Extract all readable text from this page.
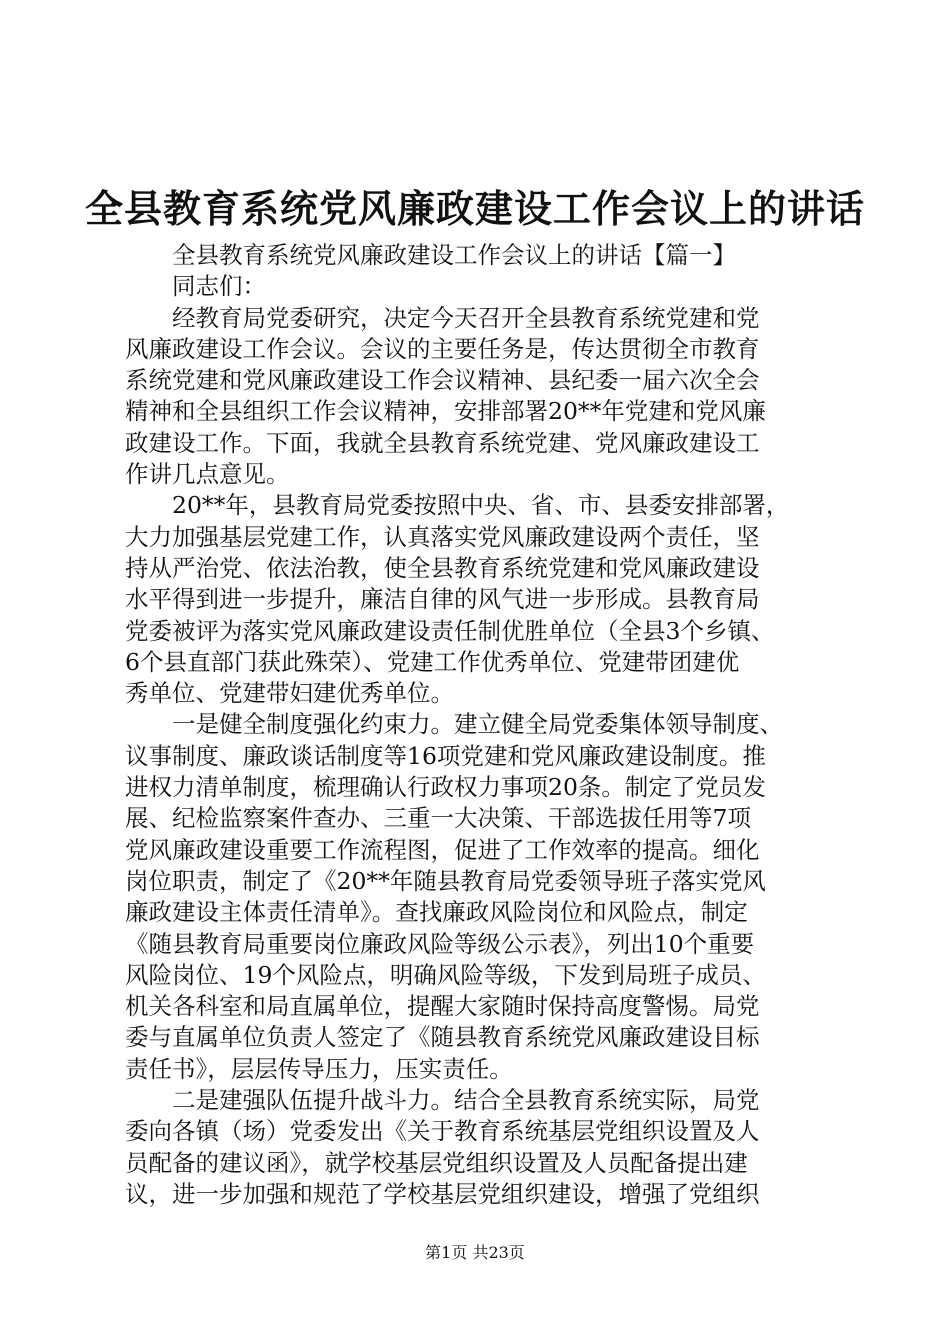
全县教育系统党风廉政建设工作会议上的讲话

全县教育系统党风廉政建设工作会议上的讲话【篇一】

同志们：

经教育局党委研究，决定今天召开全县教育系统党建和党
风廉政建设工作会议。会议的主要任务是，传达贯彻全市教育
系统党建和党风廉政建设工作会议精神、县纪委一届六次全会
精神和全县组织工作会议精神，安排部署20**年党建和党风廉
政建设工作。下面，我就全县教育系统党建、党风廉政建设工
作讲几点意见。

20**年，县教育局党委按照中央、省、市、县委安排部署，
大力加强基层党建工作，认真落实党风廉政建设两个责任，坚
持从严治党、依法治教，使全县教育系统党建和党风廉政建设
水平得到进一步提升，廉洁自律的风气进一步形成。县教育局
党委被评为落实党风廉政建设责任制优胜单位（全县3个乡镇、
6个县直部门获此殊荣）、党建工作优秀单位、党建带团建优
秀单位、党建带妇建优秀单位。

一是健全制度强化约束力。建立健全局党委集体领导制度、
议事制度、廉政谈话制度等16项党建和党风廉政建设制度。推
进权力清单制度，梳理确认行政权力事项20条。制定了党员发
展、纪检监察案件查办、三重一大决策、干部选拔任用等7项
党风廉政建设重要工作流程图，促进了工作效率的提高。细化
岗位职责，制定了《20**年随县教育局党委领导班子落实党风
廉政建设主体责任清单》。查找廉政风险岗位和风险点，制定
《随县教育局重要岗位廉政风险等级公示表》，列出10个重要
风险岗位、19个风险点，明确风险等级，下发到局班子成员、
机关各科室和局直属单位，提醒大家随时保持高度警惕。局党
委与直属单位负责人签定了《随县教育系统党风廉政建设目标
责任书》，层层传导压力，压实责任。

二是建强队伍提升战斗力。结合全县教育系统实际，局党
委向各镇（场）党委发出《关于教育系统基层党组织设置及人
员配备的建议函》，就学校基层党组织设置及人员配备提出建
议，进一步加强和规范了学校基层党组织建设，增强了党组织

第1页 共23页
